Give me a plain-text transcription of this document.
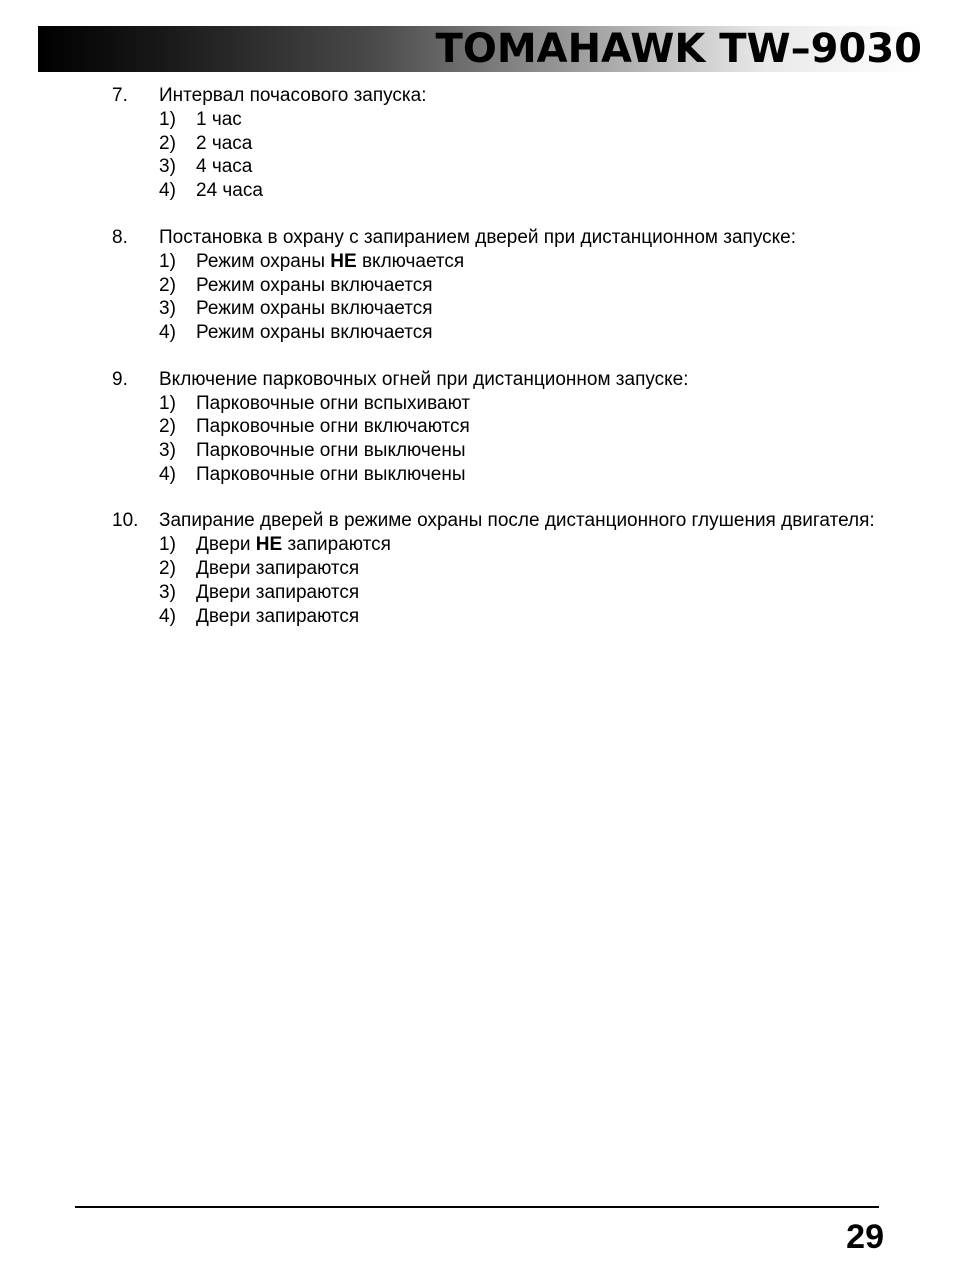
TOMAHAWK TW–9030
7.	Интервал почасового запуска:
1)	1 час
2)	2 часа
3)	4 часа
4)	24 часа
8.	Постановка в охрану с запиранием дверей при дистанционном запуске:
1)	Режим охраны НЕ включается
2)	Режим охраны включается
3)	Режим охраны включается
4)	Режим охраны включается
9.	Включение парковочных огней при дистанционном запуске:
1)	Парковочные огни вспыхивают
2)	Парковочные огни включаются
3)	Парковочные огни выключены
4)	Парковочные огни выключены
10.	Запирание дверей в режиме охраны после дистанционного глушения двигателя:
1)	Двери НЕ запираются
2)	Двери запираются
3)	Двери запираются
4)	Двери запираются
29
